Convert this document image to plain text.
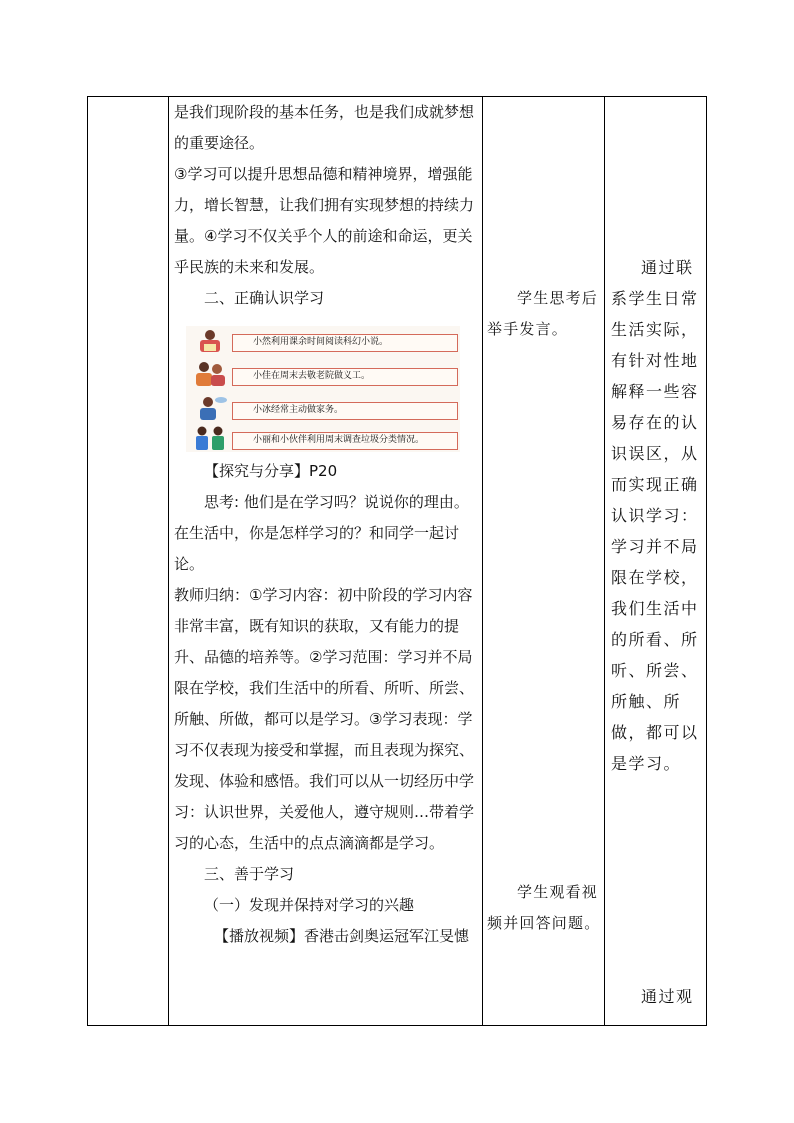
是我们现阶段的基本任务，也是我们成就梦想的重要途径。

③学习可以提升思想品德和精神境界，增强能力，增长智慧，让我们拥有实现梦想的持续力量。④学习不仅关乎个人的前途和命运，更关乎民族的未来和发展。

二、正确认识学习

小然利用课余时间阅读科幻小说。
小佳在周末去敬老院做义工。
小冰经常主动做家务。
小丽和小伙伴利用周末调查垃圾分类情况。

【探究与分享】P20

思考: 他们是在学习吗？说说你的理由。在生活中，你是怎样学习的？和同学一起讨论。

教师归纳：①学习内容：初中阶段的学习内容非常丰富，既有知识的获取，又有能力的提升、品德的培养等。②学习范围：学习并不局限在学校，我们生活中的所看、所听、所尝、所触、所做，都可以是学习。③学习表现：学习不仅表现为接受和掌握，而且表现为探究、发现、体验和感悟。我们可以从一切经历中学习：认识世界，关爱他人，遵守规则…带着学习的心态，生活中的点点滴滴都是学习。

三、善于学习

（一）发现并保持对学习的兴趣

【播放视频】香港击剑奥运冠军江旻憓

学生思考后举手发言。

学生观看视频并回答问题。

通过联系学生日常生活实际，有针对性地解释一些容易存在的认识误区，从而实现正确认识学习：学习并不局限在学校，我们生活中的所看、所听、所尝、所触、所做，都可以是学习。

通过观
